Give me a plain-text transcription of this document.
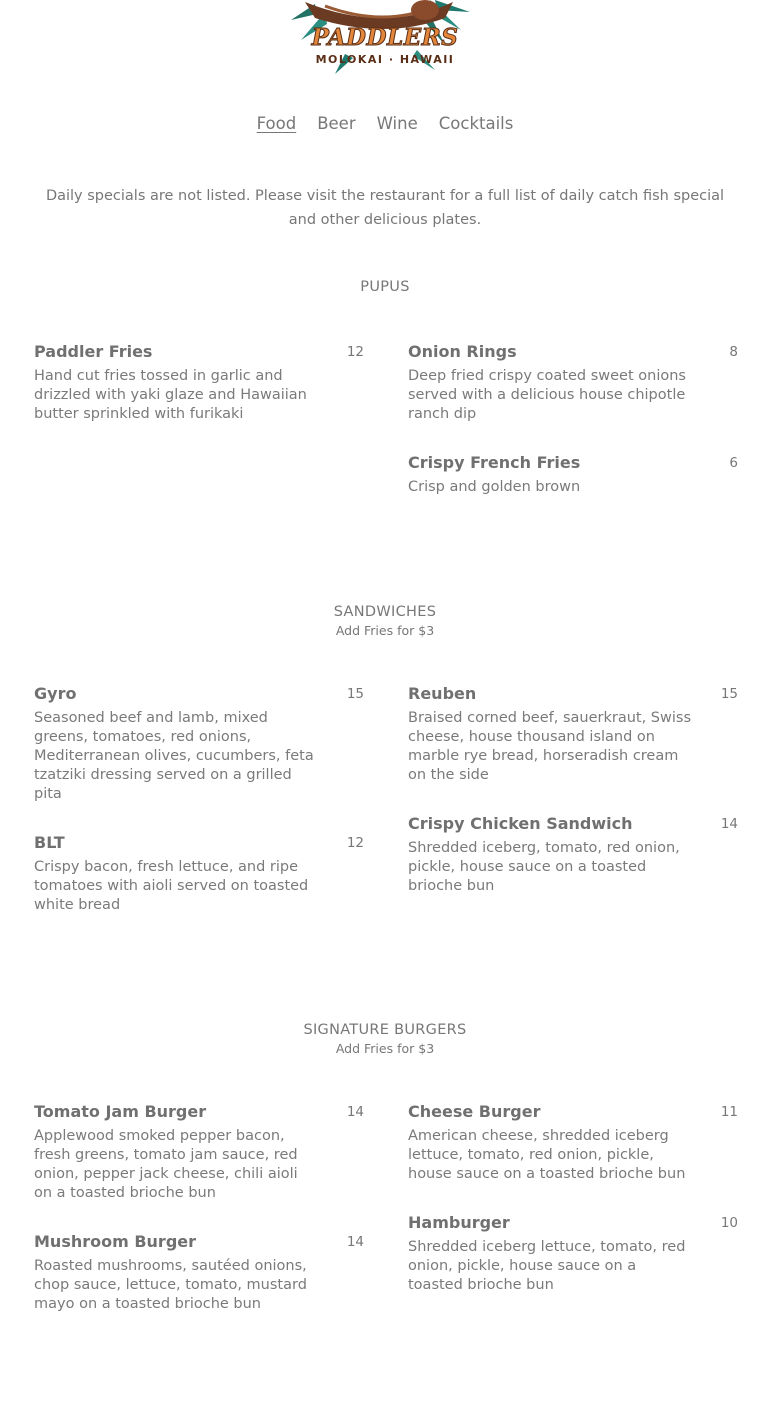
PADDLERS
MOLOKAI · HAWAII
Food Beer Wine Cocktails
Daily specials are not listed. Please visit the restaurant for a full list of daily catch fish special and other delicious plates.
PUPUS
Paddler Fries	12
Hand cut fries tossed in garlic and drizzled with yaki glaze and Hawaiian butter sprinkled with furikaki
Onion Rings	8
Deep fried crispy coated sweet onions served with a delicious house chipotle ranch dip
Crispy French Fries	6
Crisp and golden brown
SANDWICHES
Add Fries for $3
Gyro	15
Seasoned beef and lamb, mixed greens, tomatoes, red onions, Mediterranean olives, cucumbers, feta tzatziki dressing served on a grilled pita
Reuben	15
Braised corned beef, sauerkraut, Swiss cheese, house thousand island on marble rye bread, horseradish cream on the side
BLT	12
Crispy bacon, fresh lettuce, and ripe tomatoes with aioli served on toasted white bread
Crispy Chicken Sandwich	14
Shredded iceberg, tomato, red onion, pickle, house sauce on a toasted brioche bun
SIGNATURE BURGERS
Add Fries for $3
Tomato Jam Burger	14
Applewood smoked pepper bacon, fresh greens, tomato jam sauce, red onion, pepper jack cheese, chili aioli on a toasted brioche bun
Cheese Burger	11
American cheese, shredded iceberg lettuce, tomato, red onion, pickle, house sauce on a toasted brioche bun
Mushroom Burger	14
Roasted mushrooms, sautéed onions, chop sauce, lettuce, tomato, mustard mayo on a toasted brioche bun
Hamburger	10
Shredded iceberg lettuce, tomato, red onion, pickle, house sauce on a toasted brioche bun
